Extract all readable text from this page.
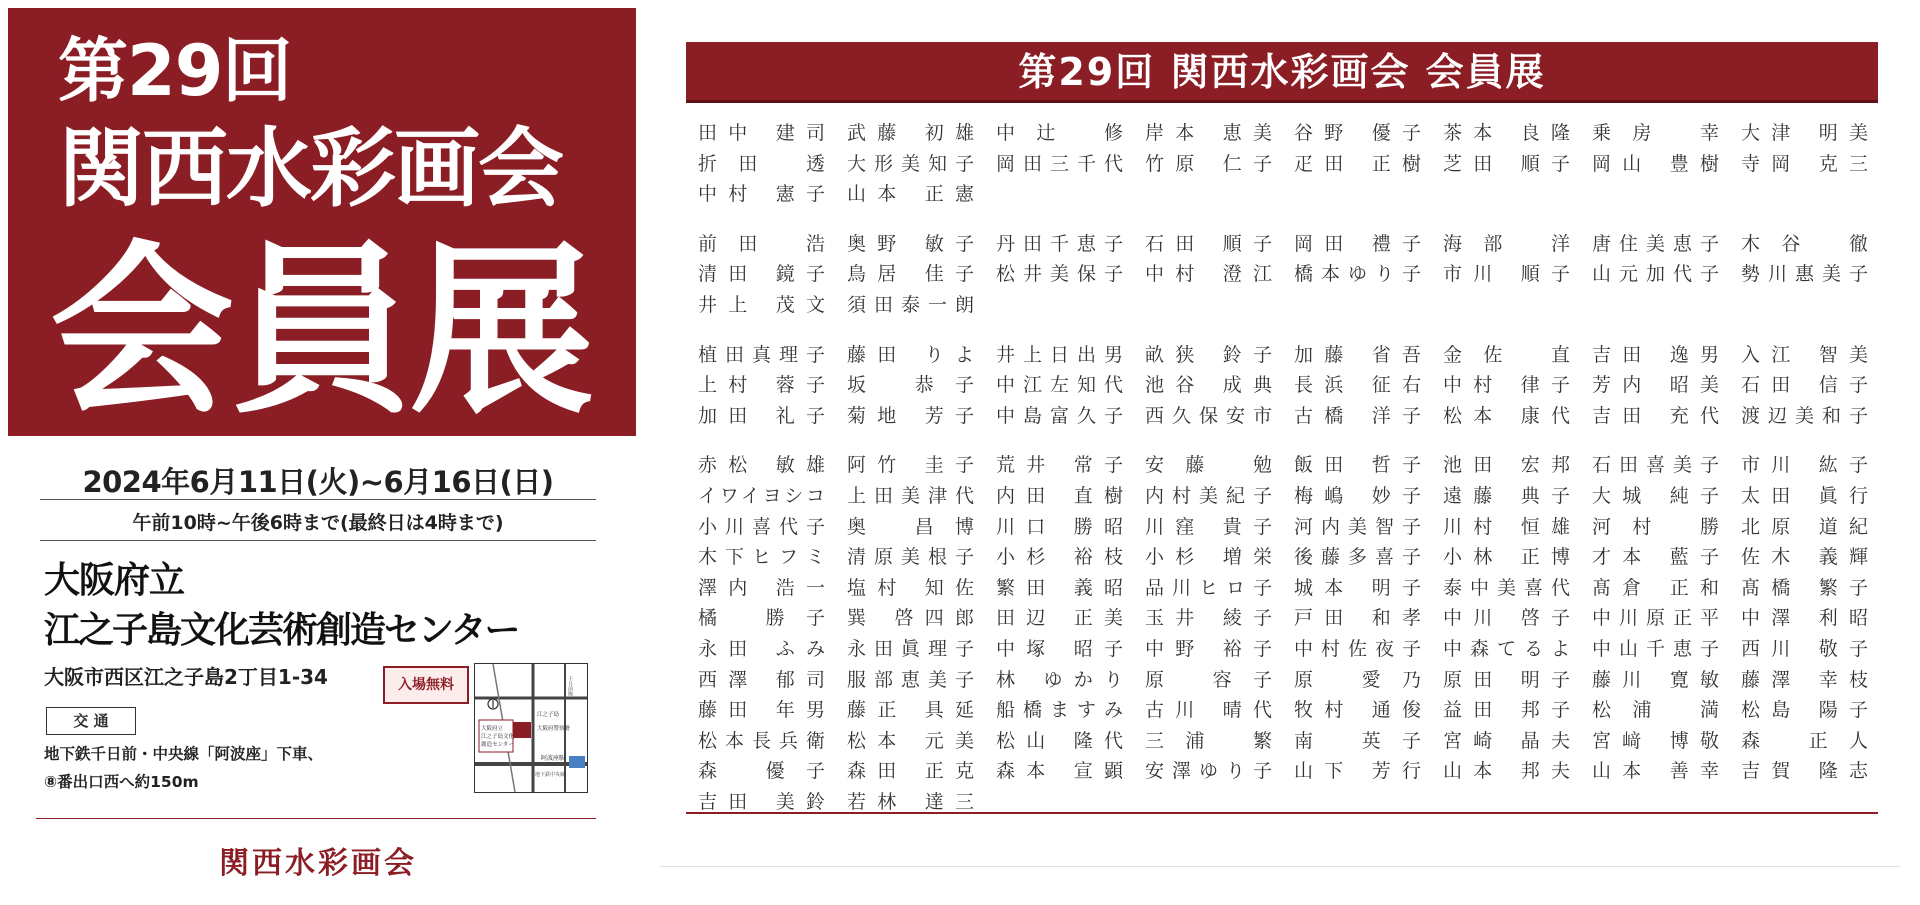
第29回
関西水彩画会
会員展
2024年6月11日(火)~6月16日(日)
午前10時~午後6時まで(最終日は4時まで)
大阪府立
江之子島文化芸術創造センター
大阪市西区江之子島2丁目1-34	入場無料
交 通
地下鉄千日前・中央線「阿波座」下車、
⑧番出口西へ約150m
大阪府立
江之子島文化
創造センター
江之子島
大阪府警察署
阿波座駅
地下鉄中央線
千日前線
関西水彩画会
第29回 関西水彩画会 会員展
田中 建司	武藤 初雄	中辻 修	岸本 恵美	谷野 優子	茶本 良隆	乗房 幸	大津 明美
折田 透	大形美知子	岡田三千代	竹原 仁子	疋田 正樹	芝田 順子	岡山 豊樹	寺岡 克三
中村 憲子	山本 正憲
前田 浩	奥野 敏子	丹田千恵子	石田 順子	岡田 禮子	海部 洋	唐住美恵子	木谷 徹
清田 鏡子	鳥居 佳子	松井美保子	中村 澄江	橋本ゆり子	市川 順子	山元加代子	勢川惠美子
井上 茂文	須田泰一朗
植田真理子	藤田 りよ	井上日出男	畝狭 鈴子	加藤 省吾	金佐 直	吉田 逸男	入江 智美
上村 蓉子	坂 恭子	中江左知代	池谷 成典	長浜 征右	中村 律子	芳内 昭美	石田 信子
加田 礼子	菊地 芳子	中島富久子	西久保安市	古橋 洋子	松本 康代	吉田 充代	渡辺美和子
赤松 敏雄	阿竹 圭子	荒井 常子	安藤 勉	飯田 哲子	池田 宏邦	石田喜美子	市川 紘子
イワイヨシコ	上田美津代	内田 直樹	内村美紀子	梅嶋 妙子	遠藤 典子	大城 純子	太田 眞行
小川喜代子	奥 昌博	川口 勝昭	川窪 貴子	河内美智子	川村 恒雄	河村 勝	北原 道紀
木下ヒフミ	清原美根子	小杉 裕枝	小杉 増栄	後藤多喜子	小林 正博	才本 藍子	佐木 義輝
澤内 浩一	塩村 知佐	繁田 義昭	品川ヒロ子	城本 明子	泰中美喜代	髙倉 正和	髙橋 繁子
橘 勝子	巽 啓四郎	田辺 正美	玉井 綾子	戸田 和孝	中川 啓子	中川原正平	中澤 利昭
永田 ふみ	永田眞理子	中塚 昭子	中野 裕子	中村佐夜子	中森てるよ	中山千恵子	西川 敬子
西澤 郁司	服部恵美子	林 ゆかり	原 容子	原 愛乃	原田 明子	藤川 寛敏	藤澤 幸枝
藤田 年男	藤正 具延	船橋ますみ	古川 晴代	牧村 通俊	益田 邦子	松浦 満	松島 陽子
松本長兵衛	松本 元美	松山 隆代	三浦 繁	南 英子	宮崎 晶夫	宮﨑 博敬	森 正人
森 優子	森田 正克	森本 宣顕	安澤ゆり子	山下 芳行	山本 邦夫	山本 善幸	吉賀 隆志
吉田 美鈴	若林 達三
